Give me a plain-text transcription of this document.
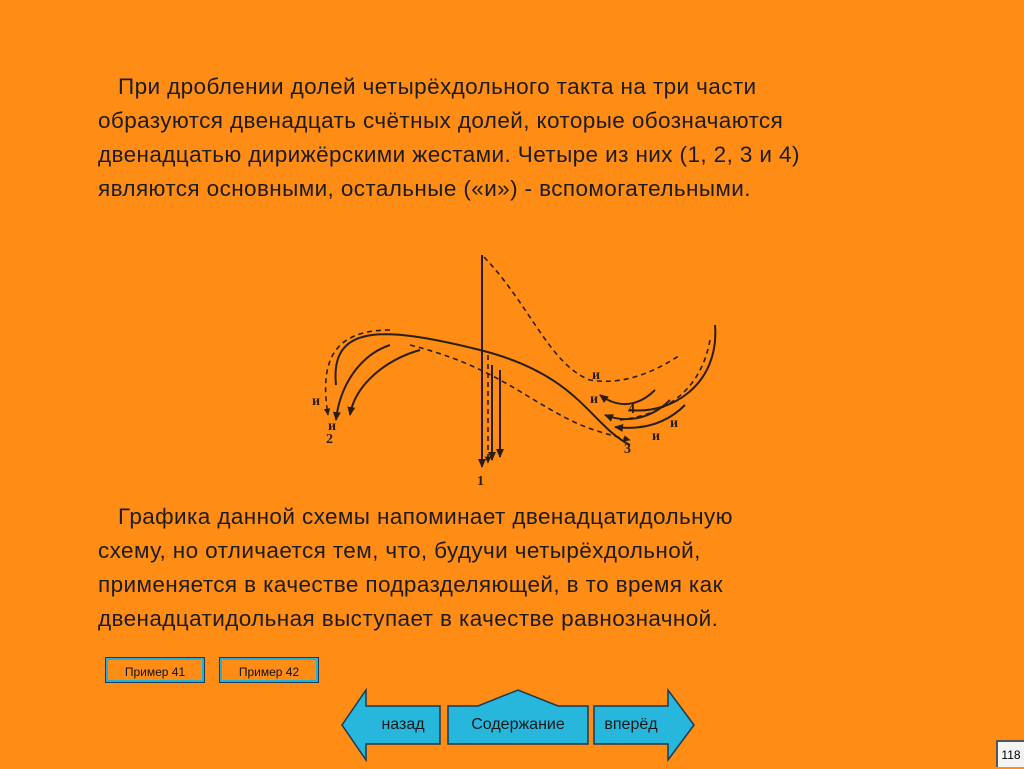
При дроблении долей четырёхдольного такта на три части
образуются двенадцать счётных долей, которые обозначаются
двенадцатью дирижёрскими жестами. Четыре из них (1, 2, 3 и 4)
являются основными, остальные («и») - вспомогательными.

1
2
3
4
и
и
и
и
и
и

Графика данной схемы напоминает двенадцатидольную
схему, но отличается тем, что, будучи четырёхдольной,
применяется в качестве подразделяющей, в то время как
двенадцатидольная выступает в качестве равнозначной.

Пример 41	Пример 42
назад	Содержание	вперёд
118
